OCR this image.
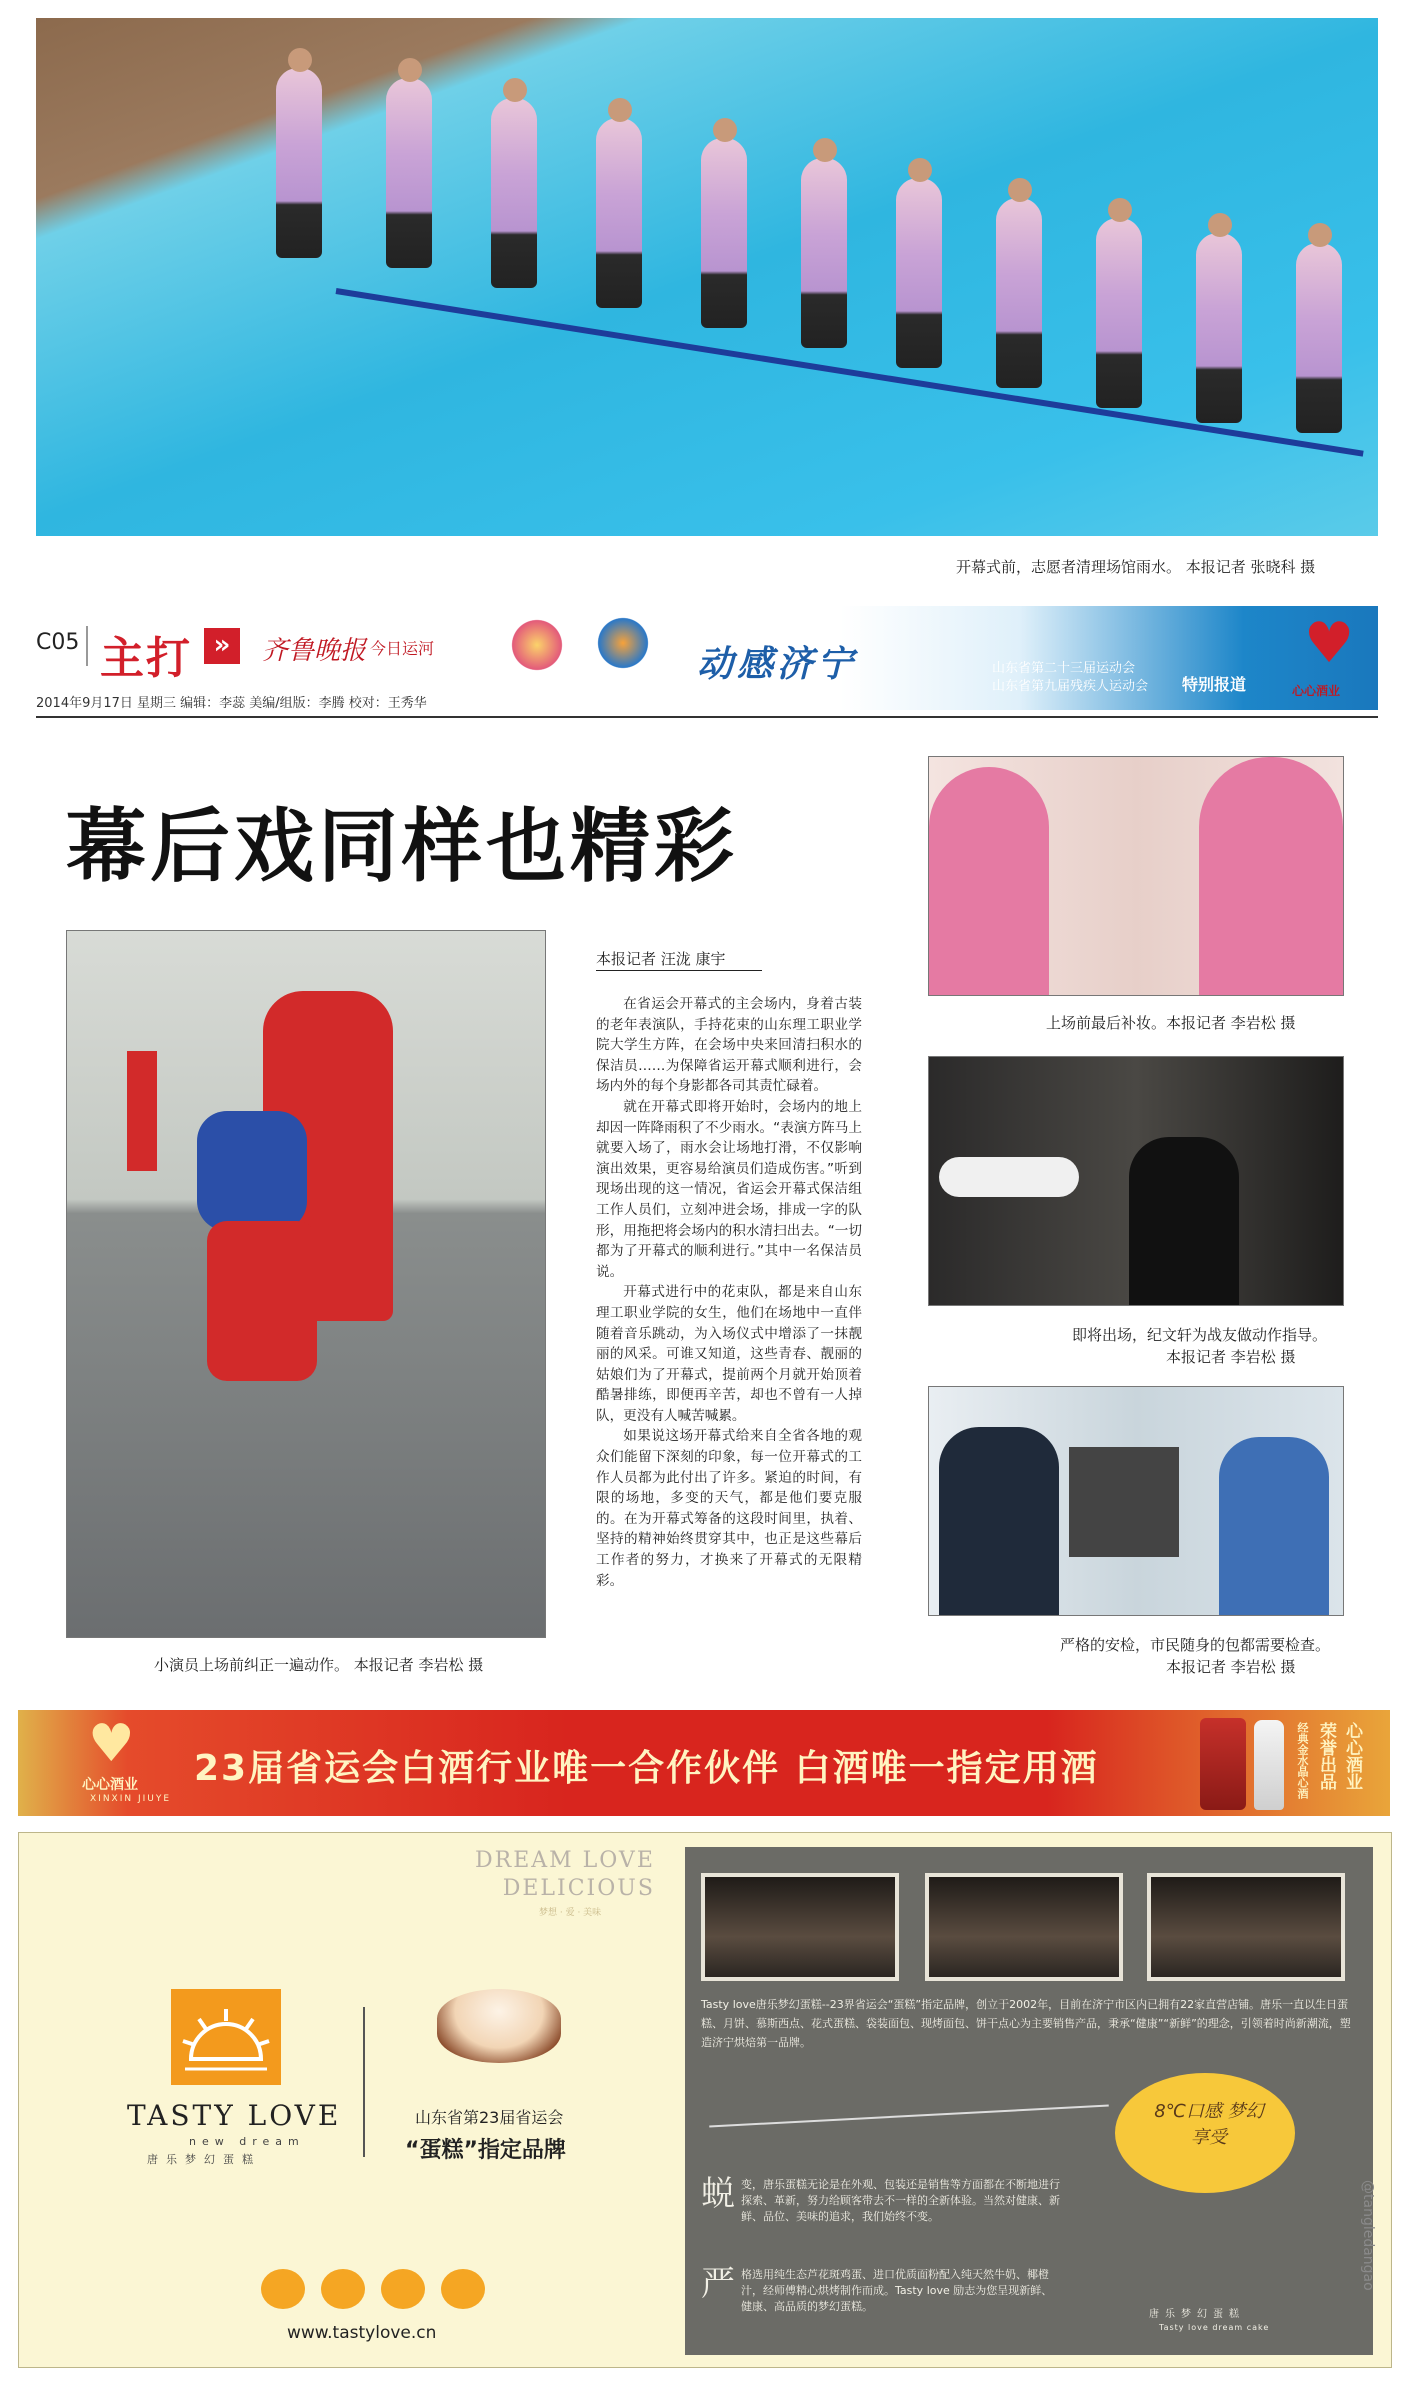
开幕式前，志愿者清理场馆雨水。 本报记者 张晓科 摄
C05 主打 »	齐鲁晚报 今日运河
2014年9月17日 星期三 编辑：李蕊 美编/组版：李腾 校对：王秀华
动感济宁	山东省第二十三届运动会
山东省第九届残疾人运动会 特别报道
♥
心心酒业
幕后戏同样也精彩
小演员上场前纠正一遍动作。 本报记者 李岩松 摄
本报记者 汪泷 康宇

在省运会开幕式的主会场内，身着古装的老年表演队，手持花束的山东理工职业学院大学生方阵，在会场中央来回清扫积水的保洁员……为保障省运开幕式顺利进行，会场内外的每个身影都各司其责忙碌着。

就在开幕式即将开始时，会场内的地上却因一阵降雨积了不少雨水。“表演方阵马上就要入场了，雨水会让场地打滑，不仅影响演出效果，更容易给演员们造成伤害。”听到现场出现的这一情况，省运会开幕式保洁组工作人员们，立刻冲进会场，排成一字的队形，用拖把将会场内的积水清扫出去。“一切都为了开幕式的顺利进行。”其中一名保洁员说。

开幕式进行中的花束队，都是来自山东理工职业学院的女生，他们在场地中一直伴随着音乐跳动，为入场仪式中增添了一抹靓丽的风采。可谁又知道，这些青春、靓丽的姑娘们为了开幕式，提前两个月就开始顶着酷暑排练，即便再辛苦，却也不曾有一人掉队，更没有人喊苦喊累。

如果说这场开幕式给来自全省各地的观众们能留下深刻的印象，每一位开幕式的工作人员都为此付出了许多。紧迫的时间，有限的场地，多变的天气，都是他们要克服的。在为开幕式筹备的这段时间里，执着、坚持的精神始终贯穿其中，也正是这些幕后工作者的努力，才换来了开幕式的无限精彩。

上场前最后补妆。本报记者 李岩松 摄
即将出场，纪文轩为战友做动作指导。
本报记者 李岩松 摄
严格的安检，市民随身的包都需要检查。
本报记者 李岩松 摄
♥
心心酒业
XINXIN JIUYE
23届省运会白酒行业唯一合作伙伴 白酒唯一指定用酒	经典金水晶心酒 荣誉出品 心心酒业
DREAM LOVE
DELICIOUS
梦想 · 爱 · 美味
TASTY LOVE
new dream
唐乐梦幻蛋糕
山东省第23届省运会
“蛋糕”指定品牌
www.tastylove.cn
Tasty love唐乐梦幻蛋糕--23界省运会“蛋糕”指定品牌，创立于2002年，目前在济宁市区内已拥有22家直营店铺。唐乐一直以生日蛋糕、月饼、慕斯西点、花式蛋糕、袋装面包、现烤面包、饼干点心为主要销售产品，秉承“健康”“新鲜”的理念，引领着时尚新潮流，塑造济宁烘焙第一品牌。
蜕 变，唐乐蛋糕无论是在外观、包装还是销售等方面都在不断地进行探索、革新，努力给顾客带去不一样的全新体验。当然对健康、新鲜、品位、美味的追求，我们始终不变。
严 格选用纯生态芦花斑鸡蛋、进口优质面粉配入纯天然牛奶、椰橙汁，经师傅精心烘烤制作而成。Tasty love 励志为您呈现新鲜、健康、高品质的梦幻蛋糕。
8℃口感 梦幻享受
唐乐梦幻蛋糕
Tasty love dream cake
@tangledangao
